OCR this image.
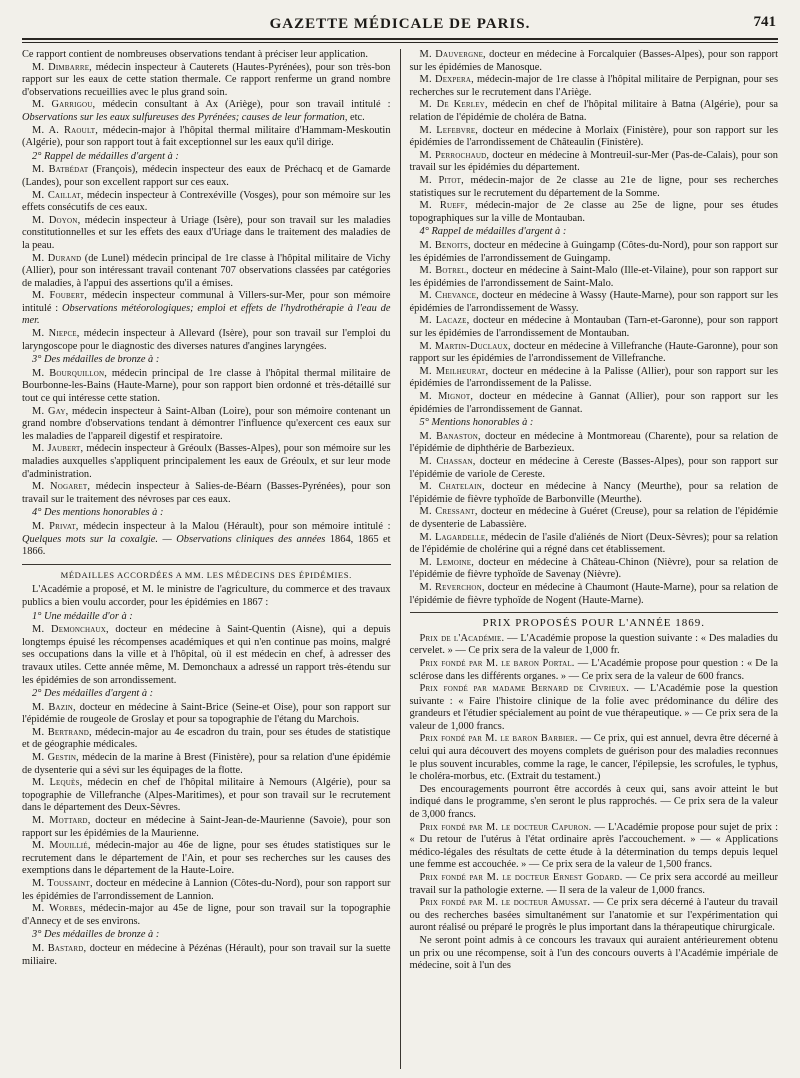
GAZETTE MÉDICALE DE PARIS.	741

Ce rapport contient de nombreuses observations tendant à préciser leur application.

M. Dimbarre, médecin inspecteur à Cauterets (Hautes-Pyrénées), pour son très-bon rapport sur les eaux de cette station thermale. Ce rapport renferme un grand nombre d'observations recueillies avec le plus grand soin.

M. Garrigou, médecin consultant à Ax (Ariège), pour son travail intitulé : Observations sur les eaux sulfureuses des Pyrénées; causes de leur formation, etc.

M. A. Raoult, médecin-major à l'hôpital thermal militaire d'Hammam-Meskoutin (Algérie), pour son rapport tout à fait exceptionnel sur les eaux qu'il dirige.

2° Rappel de médailles d'argent à :

M. Batbédat (François), médecin inspecteur des eaux de Préchacq et de Gamarde (Landes), pour son excellent rapport sur ces eaux.

M. Caillat, médecin inspecteur à Contrexéville (Vosges), pour son mémoire sur les effets consécutifs de ces eaux.

M. Doyon, médecin inspecteur à Uriage (Isère), pour son travail sur les maladies constitutionnelles et sur les effets des eaux d'Uriage dans le traitement des maladies de la peau.

M. Durand (de Lunel) médecin principal de 1re classe à l'hôpital militaire de Vichy (Allier), pour son intéressant travail contenant 707 observations classées par catégories de maladies, à l'appui des assertions qu'il a émises.

M. Foubert, médecin inspecteur communal à Villers-sur-Mer, pour son mémoire intitulé : Observations météorologiques; emploi et effets de l'hydrothérapie à l'eau de mer.

M. Niepce, médecin inspecteur à Allevard (Isère), pour son travail sur l'emploi du laryngoscope pour le diagnostic des diverses natures d'angines laryngées.

3° Des médailles de bronze à :

M. Bourquillon, médecin principal de 1re classe à l'hôpital thermal militaire de Bourbonne-les-Bains (Haute-Marne), pour son rapport bien ordonné et très-détaillé sur tout ce qui intéresse cette station.

M. Gay, médecin inspecteur à Saint-Alban (Loire), pour son mémoire contenant un grand nombre d'observations tendant à démontrer l'influence qu'exercent ces eaux sur les maladies de l'appareil digestif et respiratoire.

M. Jaubert, médecin inspecteur à Gréoulx (Basses-Alpes), pour son mémoire sur les maladies auxquelles s'appliquent principalement les eaux de Gréoulx, et sur leur mode d'administration.

M. Nogaret, médecin inspecteur à Salies-de-Béarn (Basses-Pyrénées), pour son travail sur le traitement des névroses par ces eaux.

4° Des mentions honorables à :

M. Privat, médecin inspecteur à la Malou (Hérault), pour son mémoire intitulé : Quelques mots sur la coxalgie. — Observations cliniques des années 1864, 1865 et 1866.

MÉDAILLES ACCORDÉES A MM. LES MÉDECINS DES ÉPIDÉMIES.

L'Académie a proposé, et M. le ministre de l'agriculture, du commerce et des travaux publics a bien voulu accorder, pour les épidémies en 1867 :

1° Une médaille d'or à :

M. Demonchaux, docteur en médecine à Saint-Quentin (Aisne), qui a depuis longtemps épuisé les récompenses académiques et qui n'en continue pas moins, malgré ses occupations dans la ville et à l'hôpital, où il est médecin en chef, à adresser des travaux utiles. Cette année même, M. Demonchaux a adressé un rapport très-étendu sur les épidémies de son arrondissement.

2° Des médailles d'argent à :

M. Bazin, docteur en médecine à Saint-Brice (Seine-et Oise), pour son rapport sur l'épidémie de rougeole de Groslay et pour sa topographie de l'étang du Marchois.

M. Bertrand, médecin-major au 4e escadron du train, pour ses études de statistique et de géographie médicales.

M. Gestin, médecin de la marine à Brest (Finistère), pour sa relation d'une épidémie de dysenterie qui a sévi sur les équipages de la flotte.

M. Lequès, médecin en chef de l'hôpital militaire à Nemours (Algérie), pour sa topographie de Villefranche (Alpes-Maritimes), et pour son travail sur le recrutement dans le département des Deux-Sèvres.

M. Mottard, docteur en médecine à Saint-Jean-de-Maurienne (Savoie), pour son rapport sur les épidémies de la Maurienne.

M. Mouillié, médecin-major au 46e de ligne, pour ses études statistiques sur le recrutement dans le département de l'Ain, et pour ses recherches sur les causes des exemptions dans le département de la Haute-Loire.

M. Toussaint, docteur en médecine à Lannion (Côtes-du-Nord), pour son rapport sur les épidémies de l'arrondissement de Lannion.

M. Worbes, médecin-major au 45e de ligne, pour son travail sur la topographie d'Annecy et de ses environs.

3° Des médailles de bronze à :

M. Bastard, docteur en médecine à Pézénas (Hérault), pour son travail sur la suette miliaire.

M. Dauvergne, docteur en médecine à Forcalquier (Basses-Alpes), pour son rapport sur les épidémies de Manosque.

M. Dexpera, médecin-major de 1re classe à l'hôpital militaire de Perpignan, pour ses recherches sur le recrutement dans l'Ariège.

M. De Kerley, médecin en chef de l'hôpital militaire à Batna (Algérie), pour sa relation de l'épidémie de choléra de Batna.

M. Lefebvre, docteur en médecine à Morlaix (Finistère), pour son rapport sur les épidémies de l'arrondissement de Châteaulin (Finistère).

M. Perrochaud, docteur en médecine à Montreuil-sur-Mer (Pas-de-Calais), pour son travail sur les épidémies du département.

M. Pitot, médecin-major de 2e classe au 21e de ligne, pour ses recherches statistiques sur le recrutement du département de la Somme.

M. Rueff, médecin-major de 2e classe au 25e de ligne, pour ses études topographiques sur la ville de Montauban.

4° Rappel de médailles d'argent à :

M. Benoits, docteur en médecine à Guingamp (Côtes-du-Nord), pour son rapport sur les épidémies de l'arrondissement de Guingamp.

M. Botrel, docteur en médecine à Saint-Malo (Ille-et-Vilaine), pour son rapport sur les épidémies de l'arrondissement de Saint-Malo.

M. Chevance, docteur en médecine à Wassy (Haute-Marne), pour son rapport sur les épidémies de l'arrondissement de Wassy.

M. Lacaze, docteur en médecine à Montauban (Tarn-et-Garonne), pour son rapport sur les épidémies de l'arrondissement de Montauban.

M. Martin-Duclaux, docteur en médecine à Villefranche (Haute-Garonne), pour son rapport sur les épidémies de l'arrondissement de Villefranche.

M. Meilheurat, docteur en médecine à la Palisse (Allier), pour son rapport sur les épidémies de l'arrondissement de la Palisse.

M. Mignot, docteur en médecine à Gannat (Allier), pour son rapport sur les épidémies de l'arrondissement de Gannat.

5° Mentions honorables à :

M. Banaston, docteur en médecine à Montmoreau (Charente), pour sa relation de l'épidémie de diphthérie de Barbezieux.

M. Chassan, docteur en médecine à Cereste (Basses-Alpes), pour son rapport sur l'épidémie de variole de Cereste.

M. Chatelain, docteur en médecine à Nancy (Meurthe), pour sa relation de l'épidémie de fièvre typhoïde de Barbonville (Meurthe).

M. Cressant, docteur en médecine à Guéret (Creuse), pour sa relation de l'épidémie de dysenterie de Labassière.

M. Lagardelle, médecin de l'asile d'aliénés de Niort (Deux-Sèvres); pour sa relation de l'épidémie de cholérine qui a régné dans cet établissement.

M. Lemoine, docteur en médecine à Château-Chinon (Nièvre), pour sa relation de l'épidémie de fièvre typhoïde de Savenay (Nièvre).

M. Reverchon, docteur en médecine à Chaumont (Haute-Marne), pour sa relation de l'épidémie de fièvre typhoïde de Nogent (Haute-Marne).

PRIX PROPOSÉS POUR L'ANNÉE 1869.

Prix de l'Académie. — L'Académie propose la question suivante : « Des maladies du cervelet. » — Ce prix sera de la valeur de 1,000 fr.

Prix fondé par M. le baron Portal. — L'Académie propose pour question : « De la sclérose dans les différents organes. » — Ce prix sera de la valeur de 600 francs.

Prix fondé par madame Bernard de Civrieux. — L'Académie pose la question suivante : « Faire l'histoire clinique de la folie avec prédominance du délire des grandeurs et l'étudier spécialement au point de vue thérapeutique. » — Ce prix sera de la valeur de 1,000 francs.

Prix fondé par M. le baron Barbier. — Ce prix, qui est annuel, devra être décerné à celui qui aura découvert des moyens complets de guérison pour des maladies reconnues le plus souvent incurables, comme la rage, le cancer, l'épilepsie, les scrofules, le typhus, le choléra-morbus, etc. (Extrait du testament.)

Des encouragements pourront être accordés à ceux qui, sans avoir atteint le but indiqué dans le programme, s'en seront le plus rapprochés. — Ce prix sera de la valeur de 3,000 francs.

Prix fondé par M. le docteur Capuron. — L'Académie propose pour sujet de prix : « Du retour de l'utérus à l'état ordinaire après l'accouchement. » — « Applications médico-légales des résultats de cette étude à la détermination du temps depuis lequel une femme est accouchée. » — Ce prix sera de la valeur de 1,500 francs.

Prix fondé par M. le docteur Ernest Godard. — Ce prix sera accordé au meilleur travail sur la pathologie externe. — Il sera de la valeur de 1,000 francs.

Prix fondé par M. le docteur Amussat. — Ce prix sera décerné à l'auteur du travail ou des recherches basées simultanément sur l'anatomie et sur l'expérimentation qui auront réalisé ou préparé le progrès le plus important dans la thérapeutique chirurgicale.

Ne seront point admis à ce concours les travaux qui auraient antérieurement obtenu un prix ou une récompense, soit à l'un des concours ouverts à l'Académie impériale de médecine, soit à l'un des
